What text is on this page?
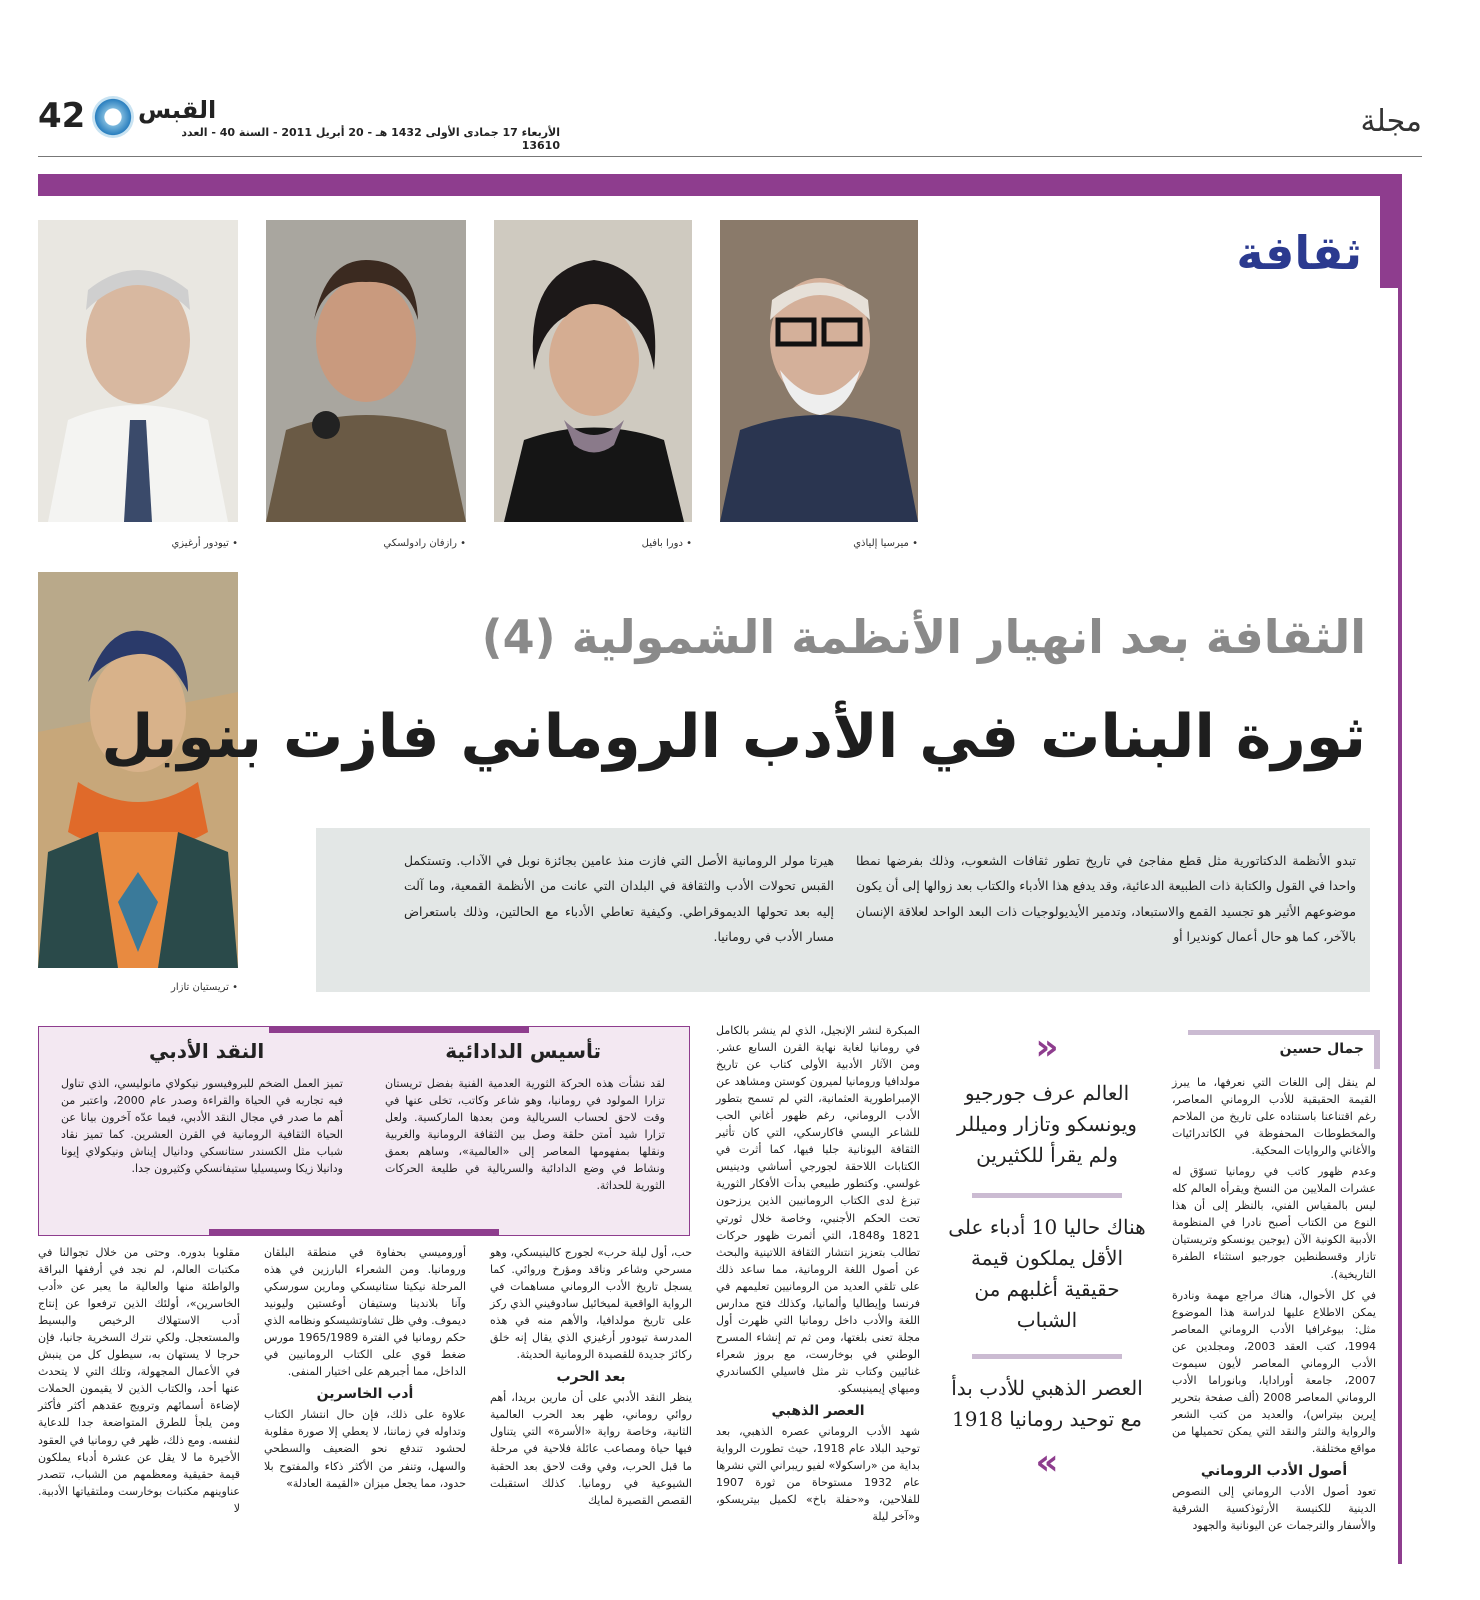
42 القبس
الأربعاء 17 جمادى الأولى 1432 هـ - 20 أبريل 2011 - السنة 40 - العدد 13610
مجلة
ثقافة
• تيودور أرغيزي	• رازفان رادولسكي	• دورا بافيل	• ميرسيا إلياذي
• تريستيان تازار
الثقافة بعد انهيار الأنظمة الشمولية (4)
ثورة البنات في الأدب الروماني فازت بنوبل

تبدو الأنظمة الدكتاتورية مثل قطع مفاجئ في تاريخ تطور ثقافات الشعوب، وذلك بفرضها نمطا واحدا في القول والكتابة ذات الطبيعة الدعائية، وقد يدفع هذا الأدباء والكتاب بعد زوالها إلى أن يكون موضوعهم الأثير هو تجسيد القمع والاستبعاد، وتدمير الأيديولوجيات ذات البعد الواحد لعلاقة الإنسان بالآخر، كما هو حال أعمال كونديرا أو

هيرتا مولر الرومانية الأصل التي فازت منذ عامين بجائزة نوبل في الآداب. وتستكمل القبس تحولات الأدب والثقافة في البلدان التي عانت من الأنظمة القمعية، وما آلت إليه بعد تحولها الديموقراطي. وكيفية تعاطي الأدباء مع الحالتين، وذلك باستعراض مسار الأدب في رومانيا.

جمال حسين

لم ينقل إلى اللغات التي نعرفها، ما يبرز القيمة الحقيقية للأدب الروماني المعاصر، رغم اقتناعنا باستناده على تاريخ من الملاحم والمخطوطات المحفوظة في الكاتدرائيات والأغاني والروايات المحكية.

وعدم ظهور كاتب في رومانيا تسوّق له عشرات الملايين من النسخ ويقرأه العالم كله ليس بالمقياس الفني، بالنظر إلى أن هذا النوع من الكتاب أصبح نادرا في المنظومة الأدبية الكونية الآن (يوجين يونسكو وتريستيان تازار وقسطنطين جورجيو استثناء الطفرة التاريخية).

في كل الأحوال، هناك مراجع مهمة ونادرة يمكن الاطلاع عليها لدراسة هذا الموضوع مثل: بيوغرافيا الأدب الروماني المعاصر 1994، كتب العقد 2003، ومجلدين عن الأدب الروماني المعاصر لأيون سيموت 2007، جامعة أورادايا، وبانوراما الأدب الروماني المعاصر 2008 (ألف صفحة بتحرير إيرين بيتراس)، والعديد من كتب الشعر والرواية والنثر والنقد التي يمكن تحميلها من مواقع مختلفة.

أصول الأدب الروماني

تعود أصول الأدب الروماني إلى النصوص الدينية للكنيسة الأرثوذكسية الشرقية والأسفار والترجمات عن اليونانية والجهود

»
العالم عرف جورجيو ويونسكو وتازار وميللر ولم يقرأ للكثيرين
هناك حاليا 10 أدباء على الأقل يملكون قيمة حقيقية أغلبهم من الشباب
العصر الذهبي للأدب بدأ مع توحيد رومانيا 1918
«

المبكرة لنشر الإنجيل، الذي لم ينشر بالكامل في رومانيا لغاية نهاية القرن السابع عشر. ومن الآثار الأدبية الأولى كتاب عن تاريخ مولدافيا ورومانيا لميرون كوستن ومشاهد عن الإمبراطورية العثمانية، التي لم تسمح بتطور الأدب الروماني، رغم ظهور أغاني الحب للشاعر اليسي فاكارسكي، التي كان تأثير الثقافة اليونانية جليا فيها، كما أثرت في الكتابات اللاحقة لجورجي أساشي ودينيس غولسي. وكتطور طبيعي بدأت الأفكار الثورية تبزغ لدى الكتاب الرومانيين الذين يرزحون تحت الحكم الأجنبي، وخاصة خلال ثورتي 1821 و1848، التي أثمرت ظهور حركات تطالب بتعزيز انتشار الثقافة اللاتينية والبحث عن أصول اللغة الرومانية، مما ساعد ذلك على تلقي العديد من الرومانيين تعليمهم في فرنسا وإيطاليا وألمانيا، وكذلك فتح مدارس اللغة والأدب داخل رومانيا التي ظهرت أول مجلة تعنى بلغتها، ومن ثم تم إنشاء المسرح الوطني في بوخارست، مع بروز شعراء غنائيين وكتاب نثر مثل فاسيلي الكساندري وميهاي إيمينيسكو.

العصر الذهبي

شهد الأدب الروماني عصره الذهبي، بعد توحيد البلاد عام 1918، حيث تطورت الرواية بداية من «راسكولا» لفيو ريبراني التي نشرها عام 1932 مستوحاة من ثورة 1907 للفلاحين، و«حفلة باخ» لكميل بيتريسكو، و«آخر ليلة

تأسيس الدادائية

لقد نشأت هذه الحركة الثورية العدمية الفنية بفضل تريستان تزارا المولود في رومانيا، وهو شاعر وكاتب، تخلى عنها في وقت لاحق لحساب السريالية ومن بعدها الماركسية. ولعل تزارا شيد أمتن حلقة وصل بين الثقافة الرومانية والغربية ونقلها بمفهومها المعاصر إلى «العالمية»، وساهم بعمق ونشاط في وضع الدادائية والسريالية في طليعة الحركات الثورية للحداثة.

النقد الأدبي

تميز العمل الضخم للبروفيسور نيكولاي مانوليسي، الذي تناول فيه تجاربه في الحياة والقراءة وصدر عام 2000، واعتبر من أهم ما صدر في مجال النقد الأدبي، فيما عدّه آخرون بيانا عن الحياة الثقافية الرومانية في القرن العشرين. كما تميز نقاد شباب مثل الكسندر ستانسكي ودانيال إيناش ونيكولاي إيونا ودانيلا زيكا وسيسيليا ستيفانسكي وكثيرون جدا.

حب، أول ليلة حرب» لجورج كالينيسكي، وهو مسرحي وشاعر وناقد ومؤرخ وروائي. كما يسجل تاريخ الأدب الروماني مساهمات في الرواية الواقعية لميخائيل سادوفيني الذي ركز على تاريخ مولدافيا، والأهم منه في هذه المدرسة تيودور أرغيزي الذي يقال إنه خلق ركائز جديدة للقصيدة الرومانية الحديثة.

بعد الحرب

ينظر النقد الأدبي على أن مارين بريدا، أهم روائي روماني، ظهر بعد الحرب العالمية الثانية، وخاصة رواية «الأسرة» التي يتناول فيها حياة ومصاعب عائلة فلاحية في مرحلة ما قبل الحرب، وفي وقت لاحق بعد الحقبة الشيوعية في رومانيا. كذلك استقبلت القصص القصيرة لمايك

أوروميسي بحفاوة في منطقة البلقان ورومانيا. ومن الشعراء البارزين في هذه المرحلة نيكيتا ستانيسكي ومارين سورسكي وآنا بلاندينا وستيفان أوغستين وليونيد ديموف. وفي ظل تشاوتشيسكو ونظامه الذي حكم رومانيا في الفترة 1965/1989 مورس ضغط قوي على الكتاب الرومانيين في الداخل، مما أجبرهم على اختيار المنفى.

أدب الخاسرين

علاوة على ذلك، فإن حال انتشار الكتاب وتداوله في زماننا، لا يعطي إلا صورة مقلوبة لحشود تندفع نحو الضعيف والسطحي والسهل، وتنفر من الأكثر ذكاء والمفتوح بلا حدود، مما يجعل ميزان «القيمة العادلة»

مقلوبا بدوره. وحتى من خلال تجوالنا في مكتبات العالم، لم نجد في أرففها البراقة والواطئة منها والعالية ما يعبر عن «أدب الخاسرين»، أولئك الذين ترفعوا عن إنتاج أدب الاستهلاك الرخيص والبسيط والمستعجل. ولكي نترك السخرية جانبا، فإن حرجا لا يستهان به، سيطول كل من ينبش في الأعمال المجهولة، وتلك التي لا يتحدث عنها أحد، والكتاب الذين لا يقيمون الحملات لإضاءة أسمائهم وترويج عقدهم أكثر فأكثر ومن يلجأ للطرق المتواضعة جدا للدعاية لنفسه. ومع ذلك، ظهر في رومانيا في العقود الأخيرة ما لا يقل عن عشرة أدباء يملكون قيمة حقيقية ومعظمهم من الشباب، تتصدر عناوينهم مكتبات بوخارست وملتقياتها الأدبية. لا
